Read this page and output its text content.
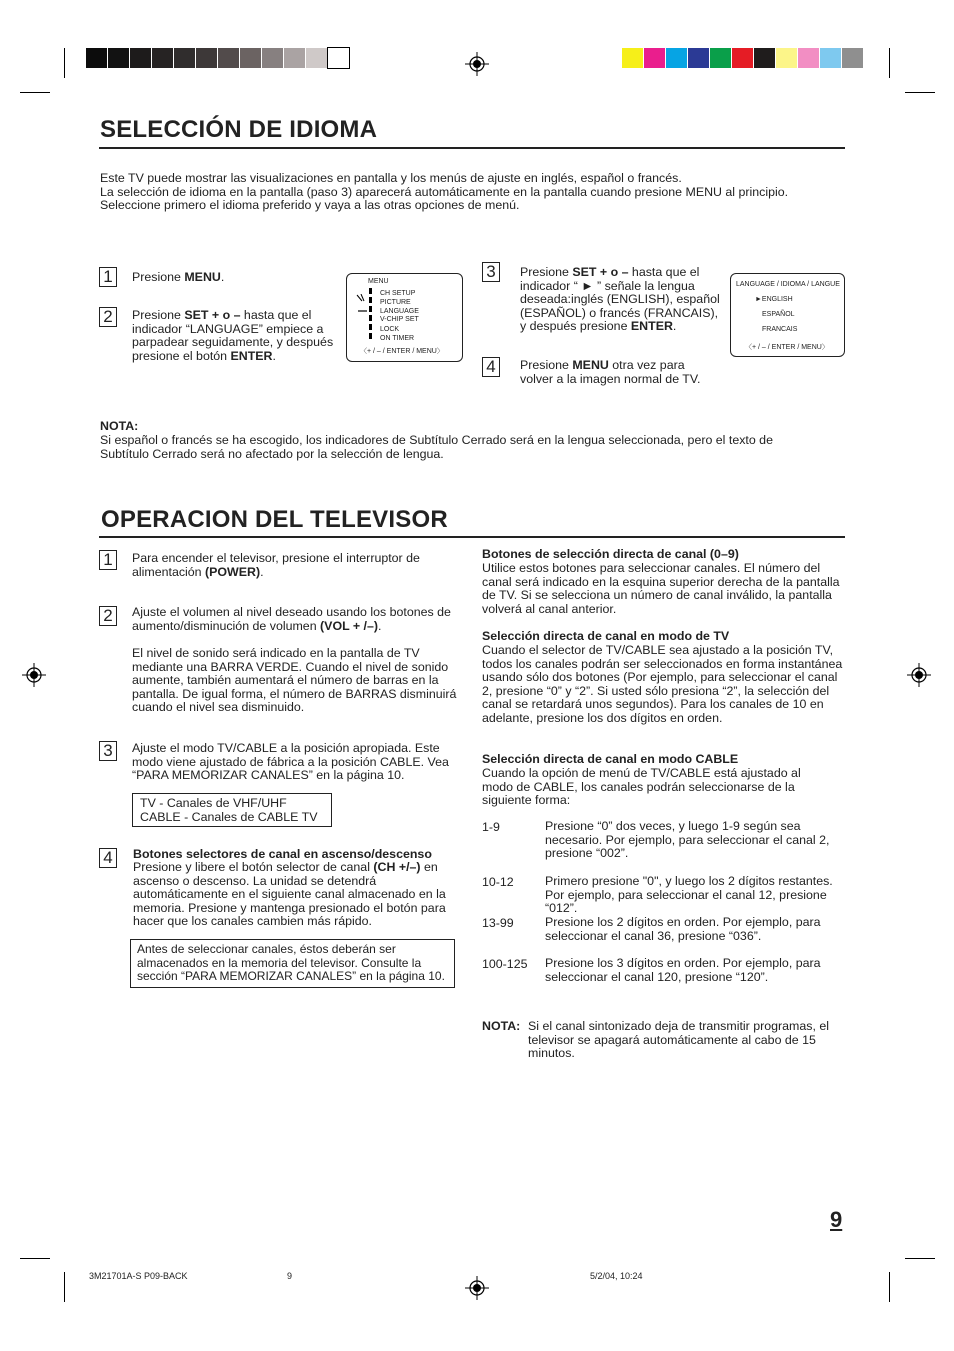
SELECCIÓN DE IDIOMA
Este TV puede mostrar las visualizaciones en pantalla y los menús de ajuste en inglés, español o francés.
La selección de idioma en la pantalla (paso 3) aparecerá automáticamente en la pantalla cuando presione MENU al principio.
Seleccione primero el idioma preferido y vaya a las otras opciones de menú.
1	Presione MENU.
2	Presione SET + o – hasta que el indicador “LANGUAGE” empiece a parpadear seguidamente, y después presione el botón ENTER.
MENU
CH SETUP
PICTURE
LANGUAGE
V-CHIP SET
LOCK
ON TIMER
〈+ / – / ENTER / MENU〉
3	Presione SET + o – hasta que el indicador “ ► ” señale la lengua deseada:inglés (ENGLISH), español (ESPAÑOL) o francés (FRANCAIS), y después presione ENTER.
4	Presione MENU otra vez para volver a la imagen normal de TV.
LANGUAGE / IDIOMA / LANGUE
►ENGLISH
ESPAÑOL
FRANCAIS
〈+ / – / ENTER / MENU〉
NOTA:
Si español o francés se ha escogido, los indicadores de Subtítulo Cerrado será en la lengua seleccionada, pero el texto de Subtítulo Cerrado será no afectado por la selección de lengua.
OPERACION DEL TELEVISOR
1	Para encender el televisor, presione el interruptor de alimentación (POWER).
2	Ajuste el volumen al nivel deseado usando los botones de aumento/disminución de volumen (VOL + /–).
El nivel de sonido será indicado en la pantalla de TV mediante una BARRA VERDE. Cuando el nivel de sonido aumente, también aumentará el número de barras en la pantalla. De igual forma, el número de BARRAS disminuirá cuando el nivel sea disminuido.
3	Ajuste el modo TV/CABLE a la posición apropiada. Este modo viene ajustado de fábrica a la posición CABLE. Vea “PARA MEMORIZAR CANALES” en la página 10.
TV - Canales de VHF/UHF
CABLE - Canales de CABLE TV
4	Botones selectores de canal en ascenso/descenso
Presione y libere el botón selector de canal (CH +/–) en ascenso o descenso. La unidad se detendrá automáticamente en el siguiente canal almacenado en la memoria. Presione y mantenga presionado el botón para hacer que los canales cambien más rápido.
Antes de seleccionar canales, éstos deberán ser almacenados en la memoria del televisor. Consulte la sección “PARA MEMORIZAR CANALES” en la página 10.
Botones de selección directa de canal (0–9)
Utilice estos botones para seleccionar canales. El número del canal será indicado en la esquina superior derecha de la pantalla de TV. Si se selecciona un número de canal inválido, la pantalla volverá al canal anterior.
Selección directa de canal en modo de TV
Cuando el selector de TV/CABLE sea ajustado a la posición TV, todos los canales podrán ser seleccionados en forma instantánea usando sólo dos botones (Por ejemplo, para seleccionar el canal 2, presione “0” y “2”. Si usted sólo presiona “2”, la selección del canal se retardará unos segundos). Para los canales de 10 en adelante, presione los dos dígitos en orden.
Selección directa de canal en modo CABLE
Cuando la opción de menú de TV/CABLE está ajustado al modo de CABLE, los canales podrán seleccionarse de la siguiente forma:
1-9	Presione “0” dos veces, y luego 1-9 según sea necesario. Por ejemplo, para seleccionar el canal 2, presione “002”.
10-12	Primero presione "0", y luego los 2 dígitos restantes. Por ejemplo, para seleccionar el canal 12, presione “012”.
13-99	Presione los 2 dígitos en orden. Por ejemplo, para seleccionar el canal 36, presione “036”.
100-125 Presione los 3 dígitos en orden. Por ejemplo, para seleccionar el canal 120, presione “120”.
NOTA: Si el canal sintonizado deja de transmitir programas, el televisor se apagará automáticamente al cabo de 15 minutos.
9
3M21701A-S P09-BACK	9	5/2/04, 10:24
